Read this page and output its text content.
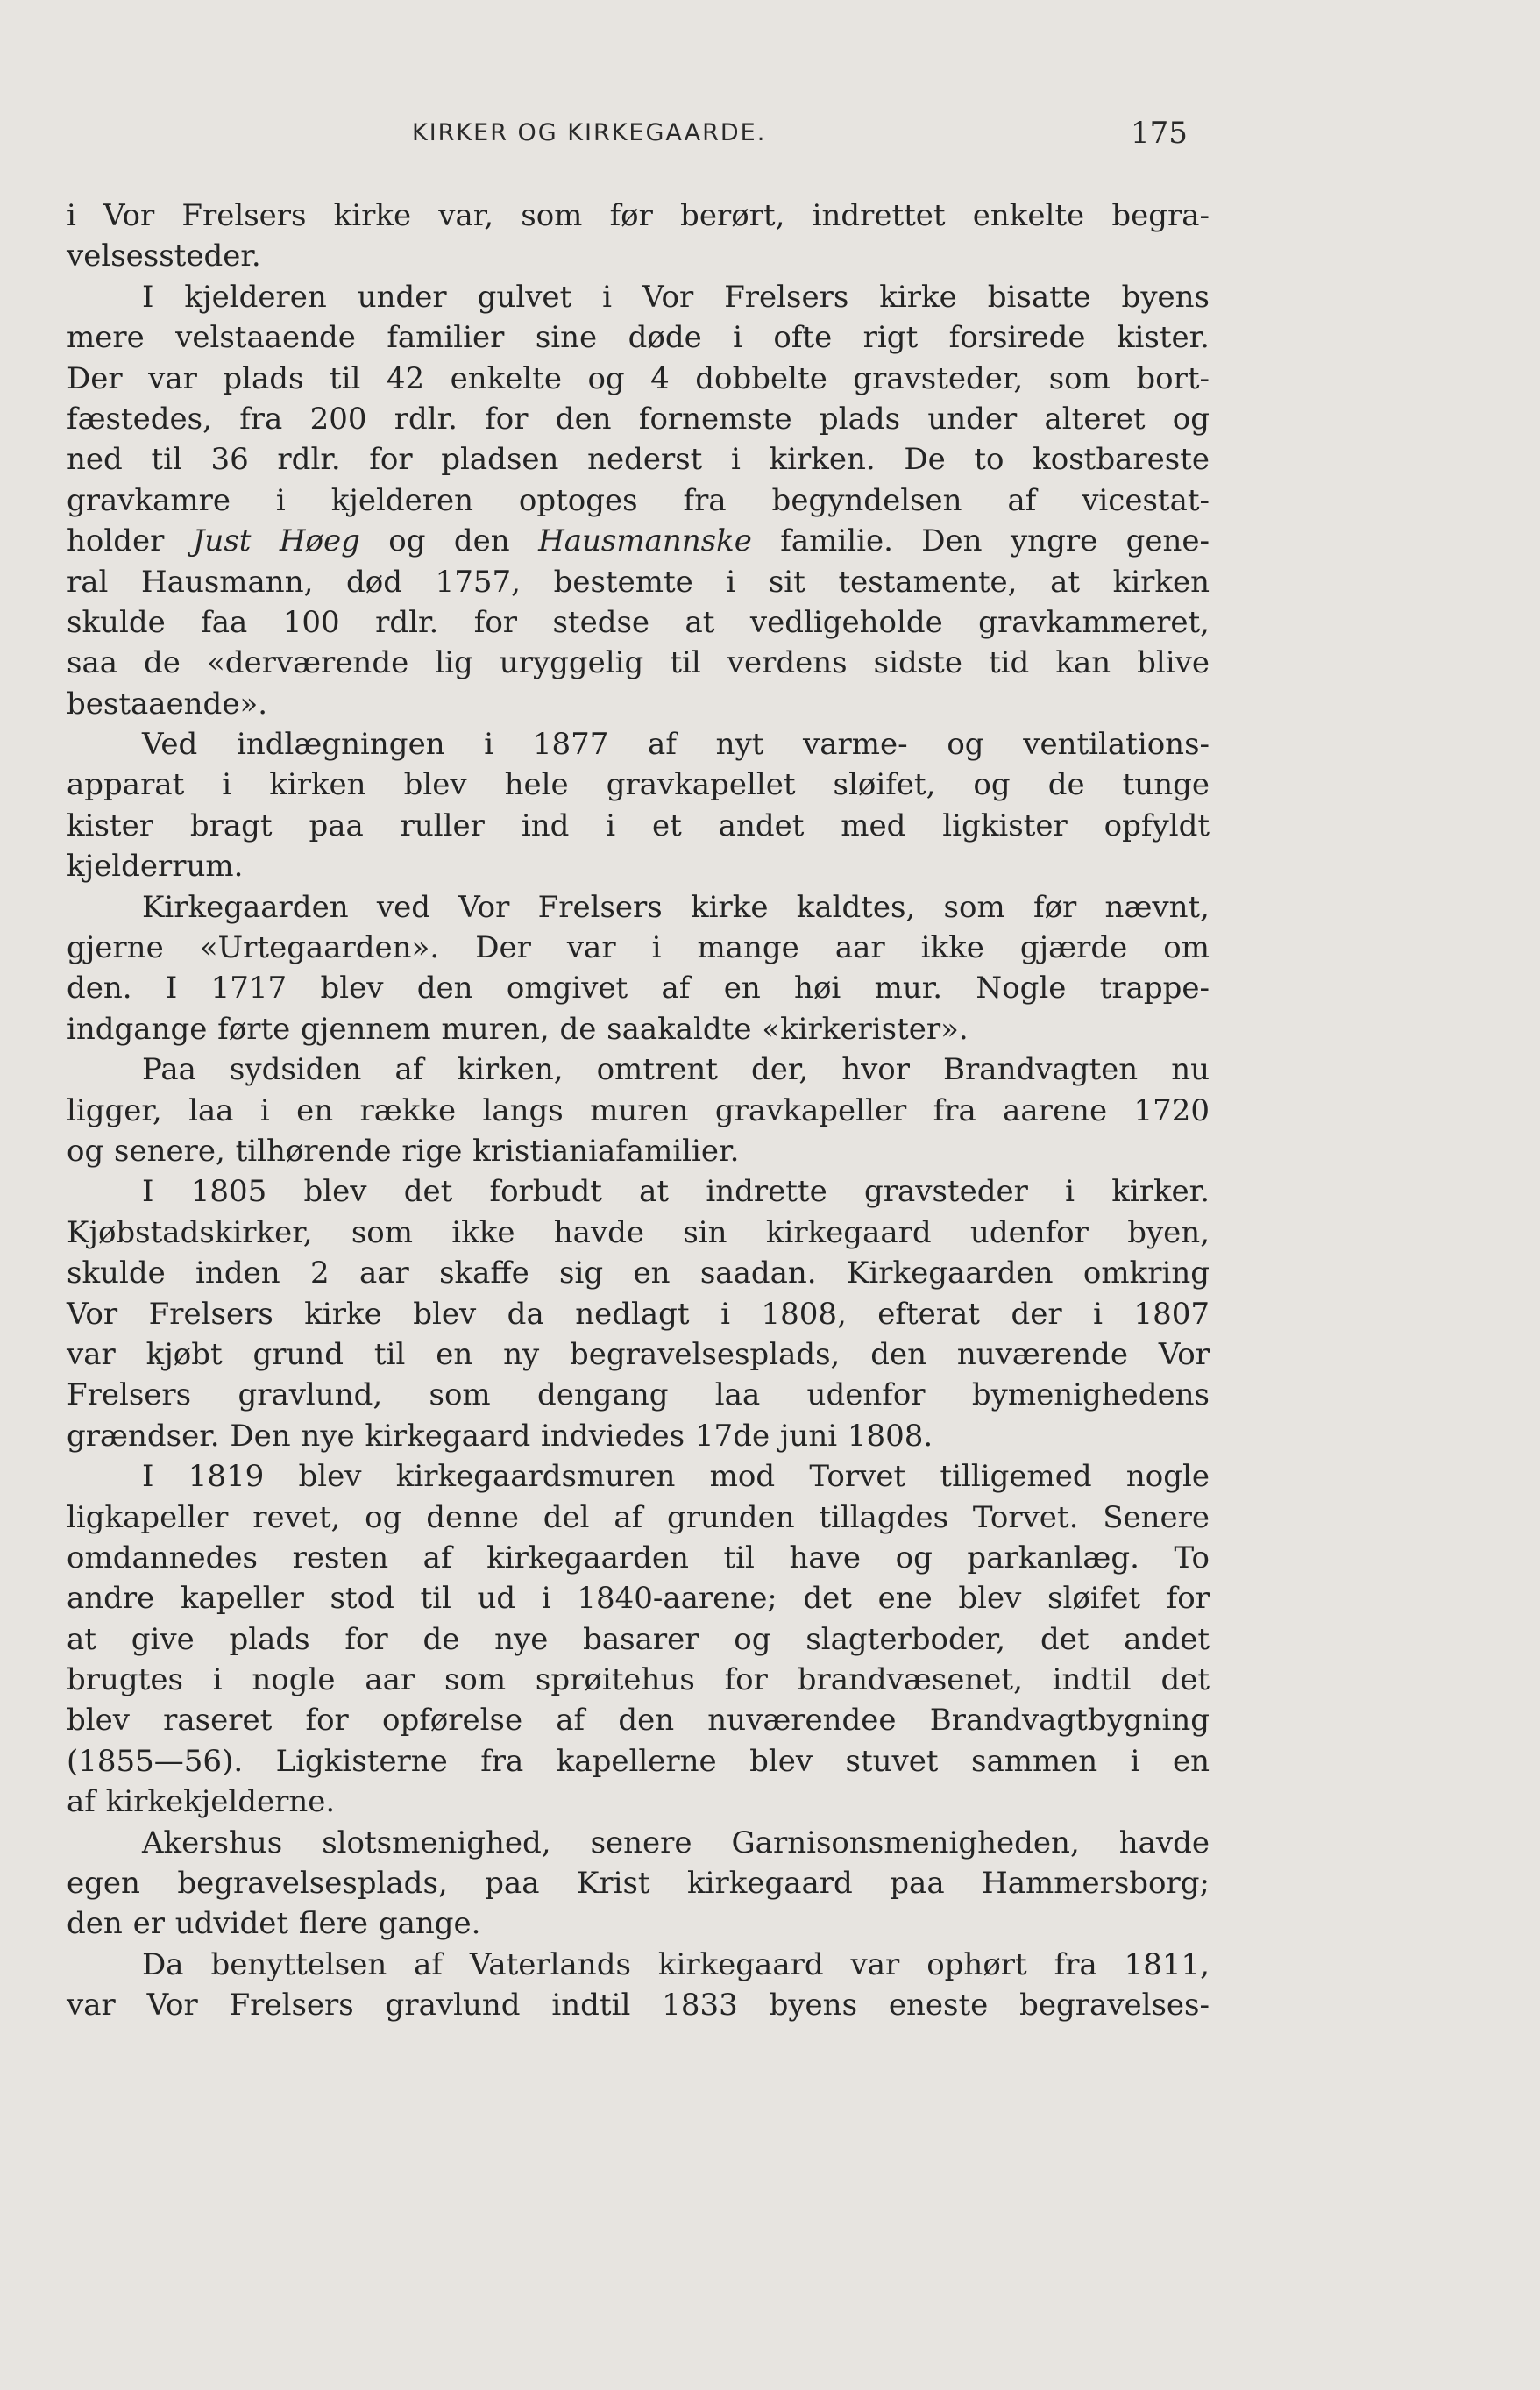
KIRKER OG KIRKEGAARDE.	175
i Vor Frelsers kirke var, som før berørt, indrettet enkelte begra-
velsessteder.
I kjelderen under gulvet i Vor Frelsers kirke bisatte byens
mere velstaaende familier sine døde i ofte rigt forsirede kister.
Der var plads til 42 enkelte og 4 dobbelte gravsteder, som bort-
fæstedes, fra 200 rdlr. for den fornemste plads under alteret og
ned til 36 rdlr. for pladsen nederst i kirken. De to kostbareste
gravkamre i kjelderen optoges fra begyndelsen af vicestat-
holder Just Høeg og den Hausmannske familie. Den yngre gene-
ral Hausmann, død 1757, bestemte i sit testamente, at kirken
skulde faa 100 rdlr. for stedse at vedligeholde gravkammeret,
saa de «derværende lig uryggelig til verdens sidste tid kan blive
bestaaende».
Ved indlægningen i 1877 af nyt varme- og ventilations-
apparat i kirken blev hele gravkapellet sløifet, og de tunge
kister bragt paa ruller ind i et andet med ligkister opfyldt
kjelderrum.
Kirkegaarden ved Vor Frelsers kirke kaldtes, som før nævnt,
gjerne «Urtegaarden». Der var i mange aar ikke gjærde om
den. I 1717 blev den omgivet af en høi mur. Nogle trappe-
indgange førte gjennem muren, de saakaldte «kirkerister».
Paa sydsiden af kirken, omtrent der, hvor Brandvagten nu
ligger, laa i en række langs muren gravkapeller fra aarene 1720
og senere, tilhørende rige kristianiafamilier.
I 1805 blev det forbudt at indrette gravsteder i kirker.
Kjøbstadskirker, som ikke havde sin kirkegaard udenfor byen,
skulde inden 2 aar skaffe sig en saadan. Kirkegaarden omkring
Vor Frelsers kirke blev da nedlagt i 1808, efterat der i 1807
var kjøbt grund til en ny begravelsesplads, den nuværende Vor
Frelsers gravlund, som dengang laa udenfor bymenighedens
grændser. Den nye kirkegaard indviedes 17de juni 1808.
I 1819 blev kirkegaardsmuren mod Torvet tilligemed nogle
ligkapeller revet, og denne del af grunden tillagdes Torvet. Senere
omdannedes resten af kirkegaarden til have og parkanlæg. To
andre kapeller stod til ud i 1840-aarene; det ene blev sløifet for
at give plads for de nye basarer og slagterboder, det andet
brugtes i nogle aar som sprøitehus for brandvæsenet, indtil det
blev raseret for opførelse af den nuværendee Brandvagtbygning
(1855—56). Ligkisterne fra kapellerne blev stuvet sammen i en
af kirkekjelderne.
Akershus slotsmenighed, senere Garnisonsmenigheden, havde
egen begravelsesplads, paa Krist kirkegaard paa Hammersborg;
den er udvidet flere gange.
Da benyttelsen af Vaterlands kirkegaard var ophørt fra 1811,
var Vor Frelsers gravlund indtil 1833 byens eneste begravelses-
